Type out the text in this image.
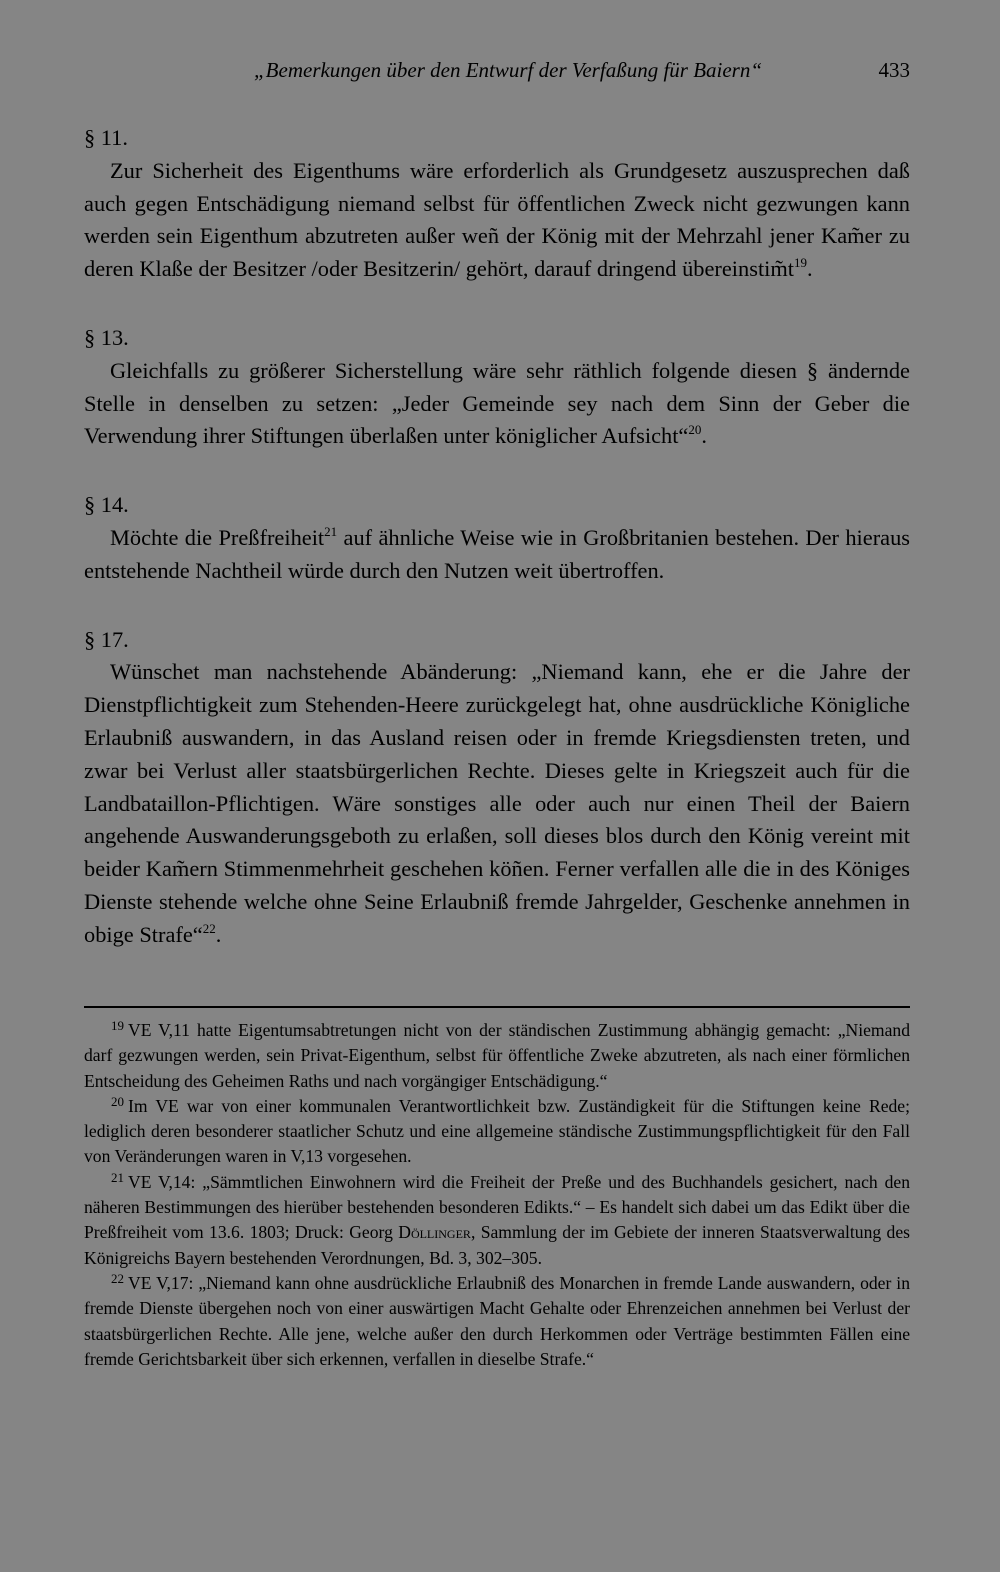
„Bemerkungen über den Entwurf der Verfaßung für Baiern“	433

§ 11.

Zur Sicherheit des Eigenthums wäre erforderlich als Grundgesetz auszusprechen daß auch gegen Entschädigung niemand selbst für öffentlichen Zweck nicht gezwungen kann werden sein Eigenthum abzutreten außer weñ der König mit der Mehrzahl jener Kam̃er zu deren Klaße der Besitzer /oder Besitzerin/ gehört, darauf dringend $übereinstim̃t^{19}$.

§ 13.

Gleichfalls zu größerer Sicherstellung wäre sehr räthlich folgende diesen § ändernde Stelle in denselben zu setzen: „Jeder Gemeinde sey nach dem Sinn der Geber die Verwendung ihrer Stiftungen überlaßen unter königlicher Aufsicht“$^{20}$.

§ 14.

Möchte die Preßfreiheit$^{21}$ auf ähnliche Weise wie in Großbritanien bestehen. Der hieraus entstehende Nachtheil würde durch den Nutzen weit übertroffen.

§ 17.

Wünschet man nachstehende Abänderung: „Niemand kann, ehe er die Jahre der Dienstpflichtigkeit zum Stehenden-Heere zurückgelegt hat, ohne ausdrückliche Königliche Erlaubniß auswandern, in das Ausland reisen oder in fremde Kriegsdiensten treten, und zwar bei Verlust aller staatsbürgerlichen Rechte. Dieses gelte in Kriegszeit auch für die Landbataillon-Pflichtigen. Wäre sonstiges alle oder auch nur einen Theil der Baiern angehende Auswanderungsgeboth zu erlaßen, soll dieses blos durch den König vereint mit beider Kam̃ern Stimmenmehrheit geschehen köñen. Ferner verfallen alle die in des Königes Dienste stehende welche ohne Seine Erlaubniß fremde Jahrgelder, Geschenke annehmen in obige Strafe“$^{22}$.

$^{19}$ VE V,11 hatte Eigentumsabtretungen nicht von der ständischen Zustimmung abhängig gemacht: „Niemand darf gezwungen werden, sein Privat-Eigenthum, selbst für öffentliche Zweke abzutreten, als nach einer förmlichen Entscheidung des Geheimen Raths und nach vorgängiger Entschädigung.“

$^{20}$ Im VE war von einer kommunalen Verantwortlichkeit bzw. Zuständigkeit für die Stiftungen keine Rede; lediglich deren besonderer staatlicher Schutz und eine allgemeine ständische Zustimmungspflichtigkeit für den Fall von Veränderungen waren in V,13 vorgesehen.

$^{21}$ VE V,14: „Sämmtlichen Einwohnern wird die Freiheit der Preße und des Buchhandels gesichert, nach den näheren Bestimmungen des hierüber bestehenden besonderen Edikts.“ – Es handelt sich dabei um das Edikt über die Preßfreiheit vom 13.6. 1803; Druck: Georg Döllinger, Sammlung der im Gebiete der inneren Staatsverwaltung des Königreichs Bayern bestehenden Verordnungen, Bd. 3, 302–305.

$^{22}$ VE V,17: „Niemand kann ohne ausdrückliche Erlaubniß des Monarchen in fremde Lande auswandern, oder in fremde Dienste übergehen noch von einer auswärtigen Macht Gehalte oder Ehrenzeichen annehmen bei Verlust der staatsbürgerlichen Rechte. Alle jene, welche außer den durch Herkommen oder Verträge bestimmten Fällen eine fremde Gerichtsbarkeit über sich erkennen, verfallen in dieselbe Strafe.“
